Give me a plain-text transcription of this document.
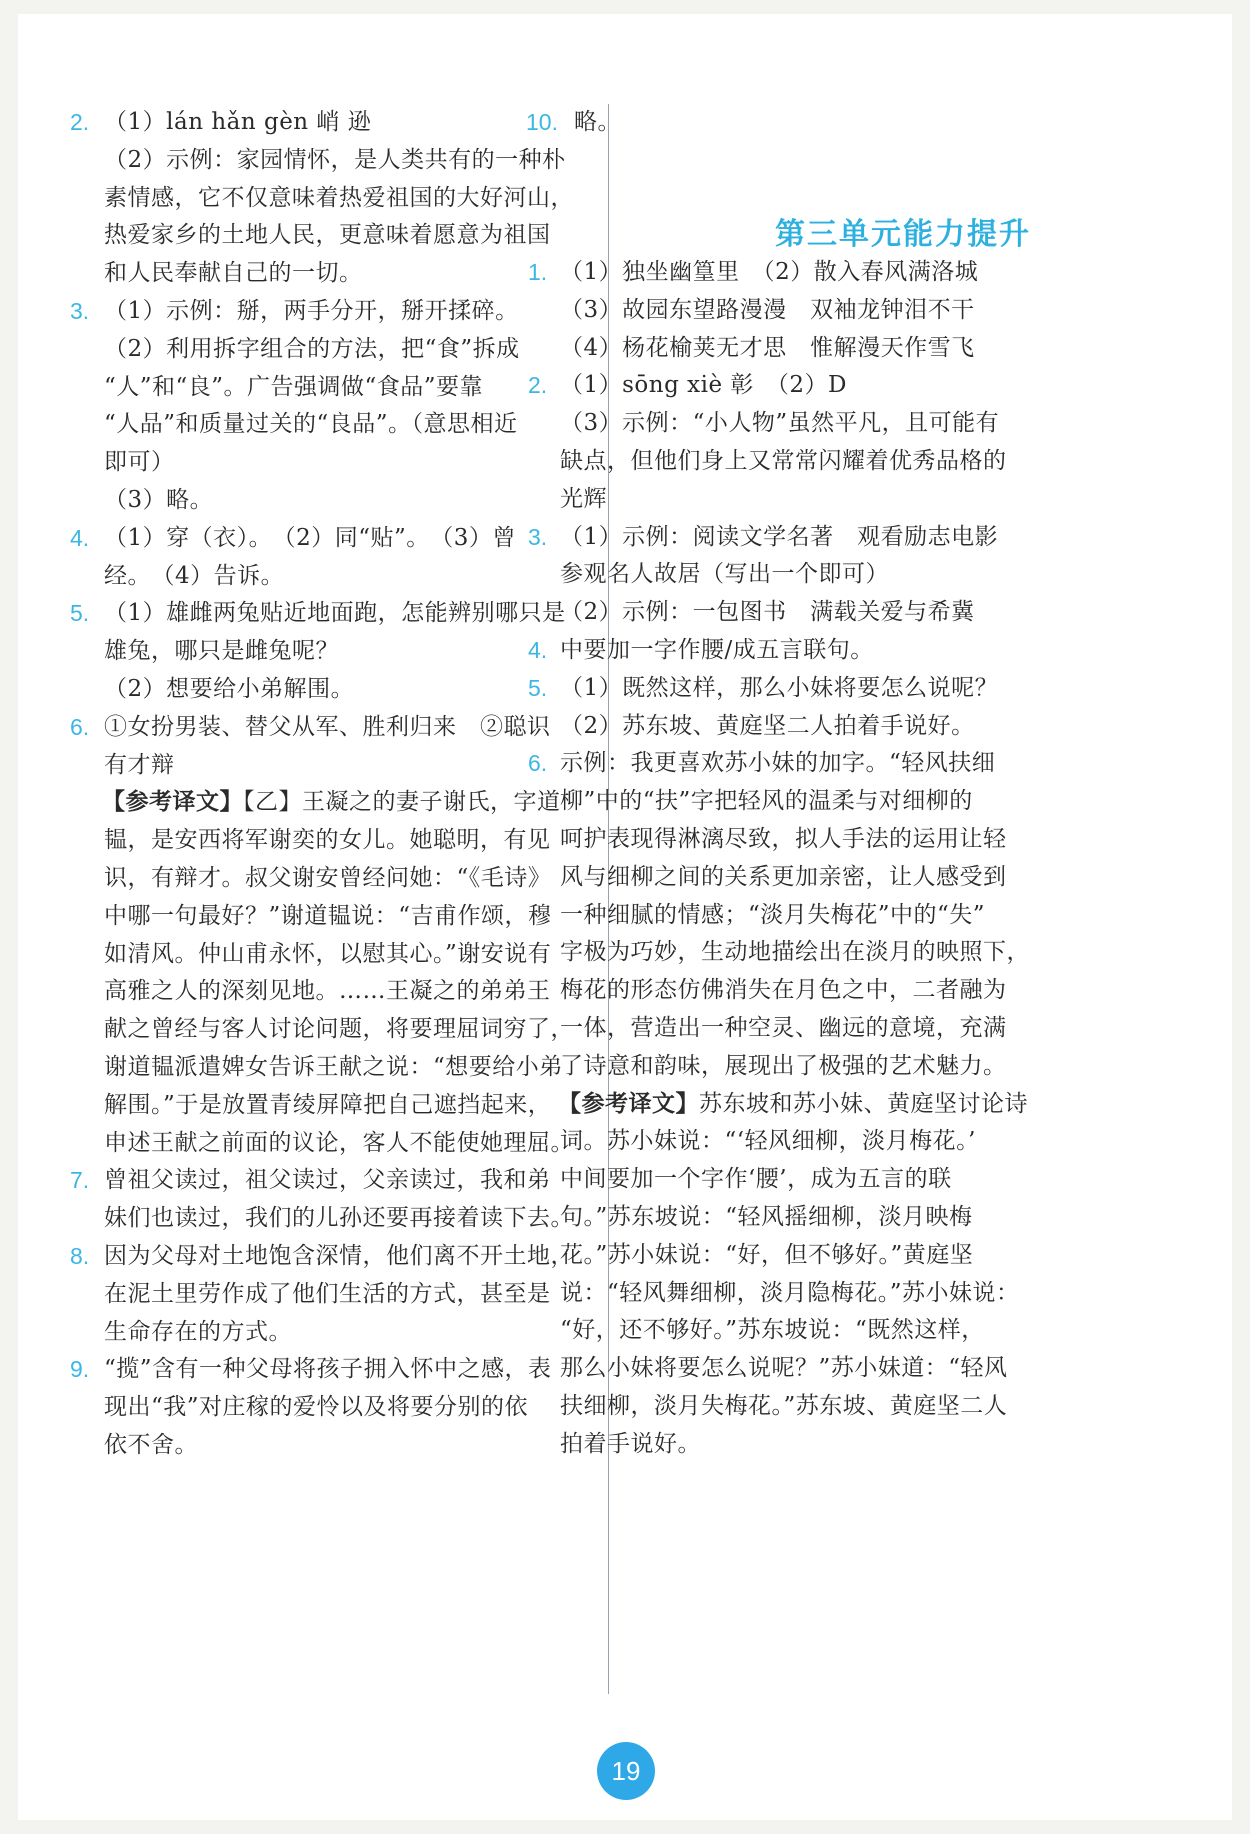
第三单元能力提升
2. （1）lán hǎn gèn 峭 逊
（2）示例：家园情怀，是人类共有的一种朴
素情感，它不仅意味着热爱祖国的大好河山，
热爱家乡的土地人民，更意味着愿意为祖国
和人民奉献自己的一切。
3. （1）示例：掰，两手分开，掰开揉碎。
（2）利用拆字组合的方法，把“食”拆成
“人”和“良”。广告强调做“食品”要靠
“人品”和质量过关的“良品”。（意思相近
即可）
（3）略。
4. （1）穿（衣）。　（2）同“贴”。　（3）曾
经。　（4）告诉。
5. （1）雄雌两兔贴近地面跑，怎能辨别哪只是
雄兔，哪只是雌兔呢？
（2）想要给小弟解围。
6. ①女扮男装、替父从军、胜利归来　②聪识
有才辩
【参考译文】【乙】王凝之的妻子谢氏，字道
韫，是安西将军谢奕的女儿。她聪明，有见
识，有辩才。叔父谢安曾经问她：“《毛诗》
中哪一句最好？”谢道韫说：“吉甫作颂，穆
如清风。仲山甫永怀，以慰其心。”谢安说有
高雅之人的深刻见地。……王凝之的弟弟王
献之曾经与客人讨论问题，将要理屈词穷了，
谢道韫派遣婢女告诉王献之说：“想要给小弟
解围。”于是放置青绫屏障把自己遮挡起来，
申述王献之前面的议论，客人不能使她理屈。
7. 曾祖父读过，祖父读过，父亲读过，我和弟
妹们也读过，我们的儿孙还要再接着读下去。
8. 因为父母对土地饱含深情，他们离不开土地，
在泥土里劳作成了他们生活的方式，甚至是
生命存在的方式。
9. “揽”含有一种父母将孩子拥入怀中之感，表
现出“我”对庄稼的爱怜以及将要分别的依
依不舍。
10. 略。
1. （1）独坐幽篁里　（2）散入春风满洛城
（3）故园东望路漫漫　双袖龙钟泪不干
（4）杨花榆荚无才思　惟解漫天作雪飞
2. （1）sōng xiè 彰　（2）D
（3）示例：“小人物”虽然平凡，且可能有
缺点，但他们身上又常常闪耀着优秀品格的
光辉
3. （1）示例：阅读文学名著　观看励志电影
参观名人故居（写出一个即可）
（2）示例：一包图书　满载关爱与希冀
4. 中要加一字作腰/成五言联句。
5. （1）既然这样，那么小妹将要怎么说呢？
（2）苏东坡、黄庭坚二人拍着手说好。
6. 示例：我更喜欢苏小妹的加字。“轻风扶细
柳”中的“扶”字把轻风的温柔与对细柳的
呵护表现得淋漓尽致，拟人手法的运用让轻
风与细柳之间的关系更加亲密，让人感受到
一种细腻的情感；“淡月失梅花”中的“失”
字极为巧妙，生动地描绘出在淡月的映照下，
梅花的形态仿佛消失在月色之中，二者融为
一体，营造出一种空灵、幽远的意境，充满
了诗意和韵味，展现出了极强的艺术魅力。
【参考译文】苏东坡和苏小妹、黄庭坚讨论诗
词。苏小妹说：“‘轻风细柳，淡月梅花。’
中间要加一个字作‘腰’，成为五言的联
句。”苏东坡说：“轻风摇细柳，淡月映梅
花。”苏小妹说：“好，但不够好。”黄庭坚
说：“轻风舞细柳，淡月隐梅花。”苏小妹说：
“好，还不够好。”苏东坡说：“既然这样，
那么小妹将要怎么说呢？”苏小妹道：“轻风
扶细柳，淡月失梅花。”苏东坡、黄庭坚二人
拍着手说好。
19
